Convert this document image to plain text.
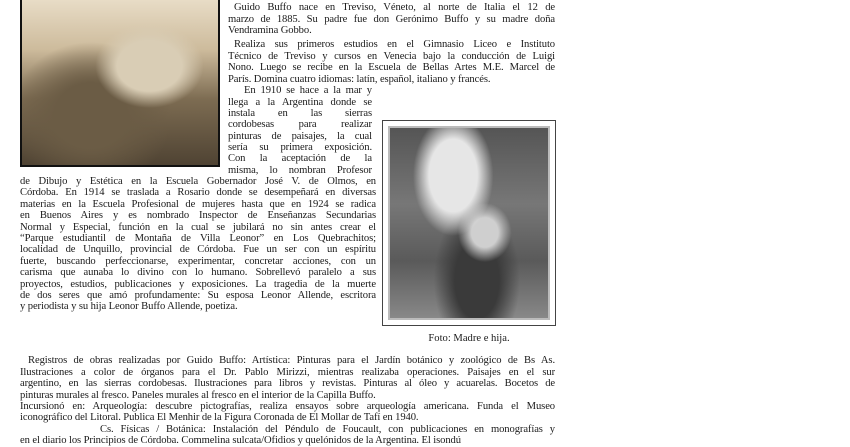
Foto: Madre e hija.
Guido Buffo nace en Treviso, Véneto, al norte de Italia el 12 de
marzo de 1885. Su padre fue don Gerónimo Buffo y su madre doña
Vendramina Gobbo.
Realiza sus primeros estudios en el Gimnasio Liceo e Instituto
Técnico de Treviso y cursos en Venecia bajo la conducción de Luigi
Nono. Luego se recibe en la Escuela de Bellas Artes M.E. Marcel de
París. Domina cuatro idiomas: latín, español, italiano y francés.
En 1910 se hace a la mar y
llega a la Argentina donde se
instala en las sierras
cordobesas para realizar
pinturas de paisajes, la cual
sería su primera exposición.
Con la aceptación de la
misma, lo nombran Profesor
de Dibujo y Estética en la Escuela Gobernador José V. de Olmos, en
Córdoba. En 1914 se traslada a Rosario donde se desempeñará en diversas
materias en la Escuela Profesional de mujeres hasta que en 1924 se radica
en Buenos Aires y es nombrado Inspector de Enseñanzas Secundarias
Normal y Especial, función en la cual se jubilará no sin antes crear el
“Parque estudiantil de Montaña de Villa Leonor” en Los Quebrachitos;
localidad de Unquillo, provincial de Córdoba. Fue un ser con un espíritu
fuerte, buscando perfeccionarse, experimentar, concretar acciones, con un
carisma que aunaba lo divino con lo humano. Sobrellevó paralelo a sus
proyectos, estudios, publicaciones y exposiciones. La tragedia de la muerte
de dos seres que amó profundamente: Su esposa Leonor Allende, escritora
y periodista y su hija Leonor Buffo Allende, poetiza.
Registros de obras realizadas por Guido Buffo: Artística: Pinturas para el Jardín botánico y zoológico de Bs As.
Ilustraciones a color de órganos para el Dr. Pablo Mirizzi, mientras realizaba operaciones. Paisajes en el sur
argentino, en las sierras cordobesas. Ilustraciones para libros y revistas. Pinturas al óleo y acuarelas. Bocetos de
pinturas murales al fresco. Paneles murales al fresco en el interior de la Capilla Buffo.
Incursionó en: Arqueología: descubre pictografías, realiza ensayos sobre arqueología americana. Funda el Museo
iconográfico del Litoral. Publica El Menhir de la Figura Coronada de El Mollar de Tafí en 1940.
Cs. Físicas / Botánica: Instalación del Péndulo de Foucault, con publicaciones en monografías y
en el diario los Principios de Córdoba. Commelina sulcata/Ofidios y quelónidos de la Argentina. El isondú
